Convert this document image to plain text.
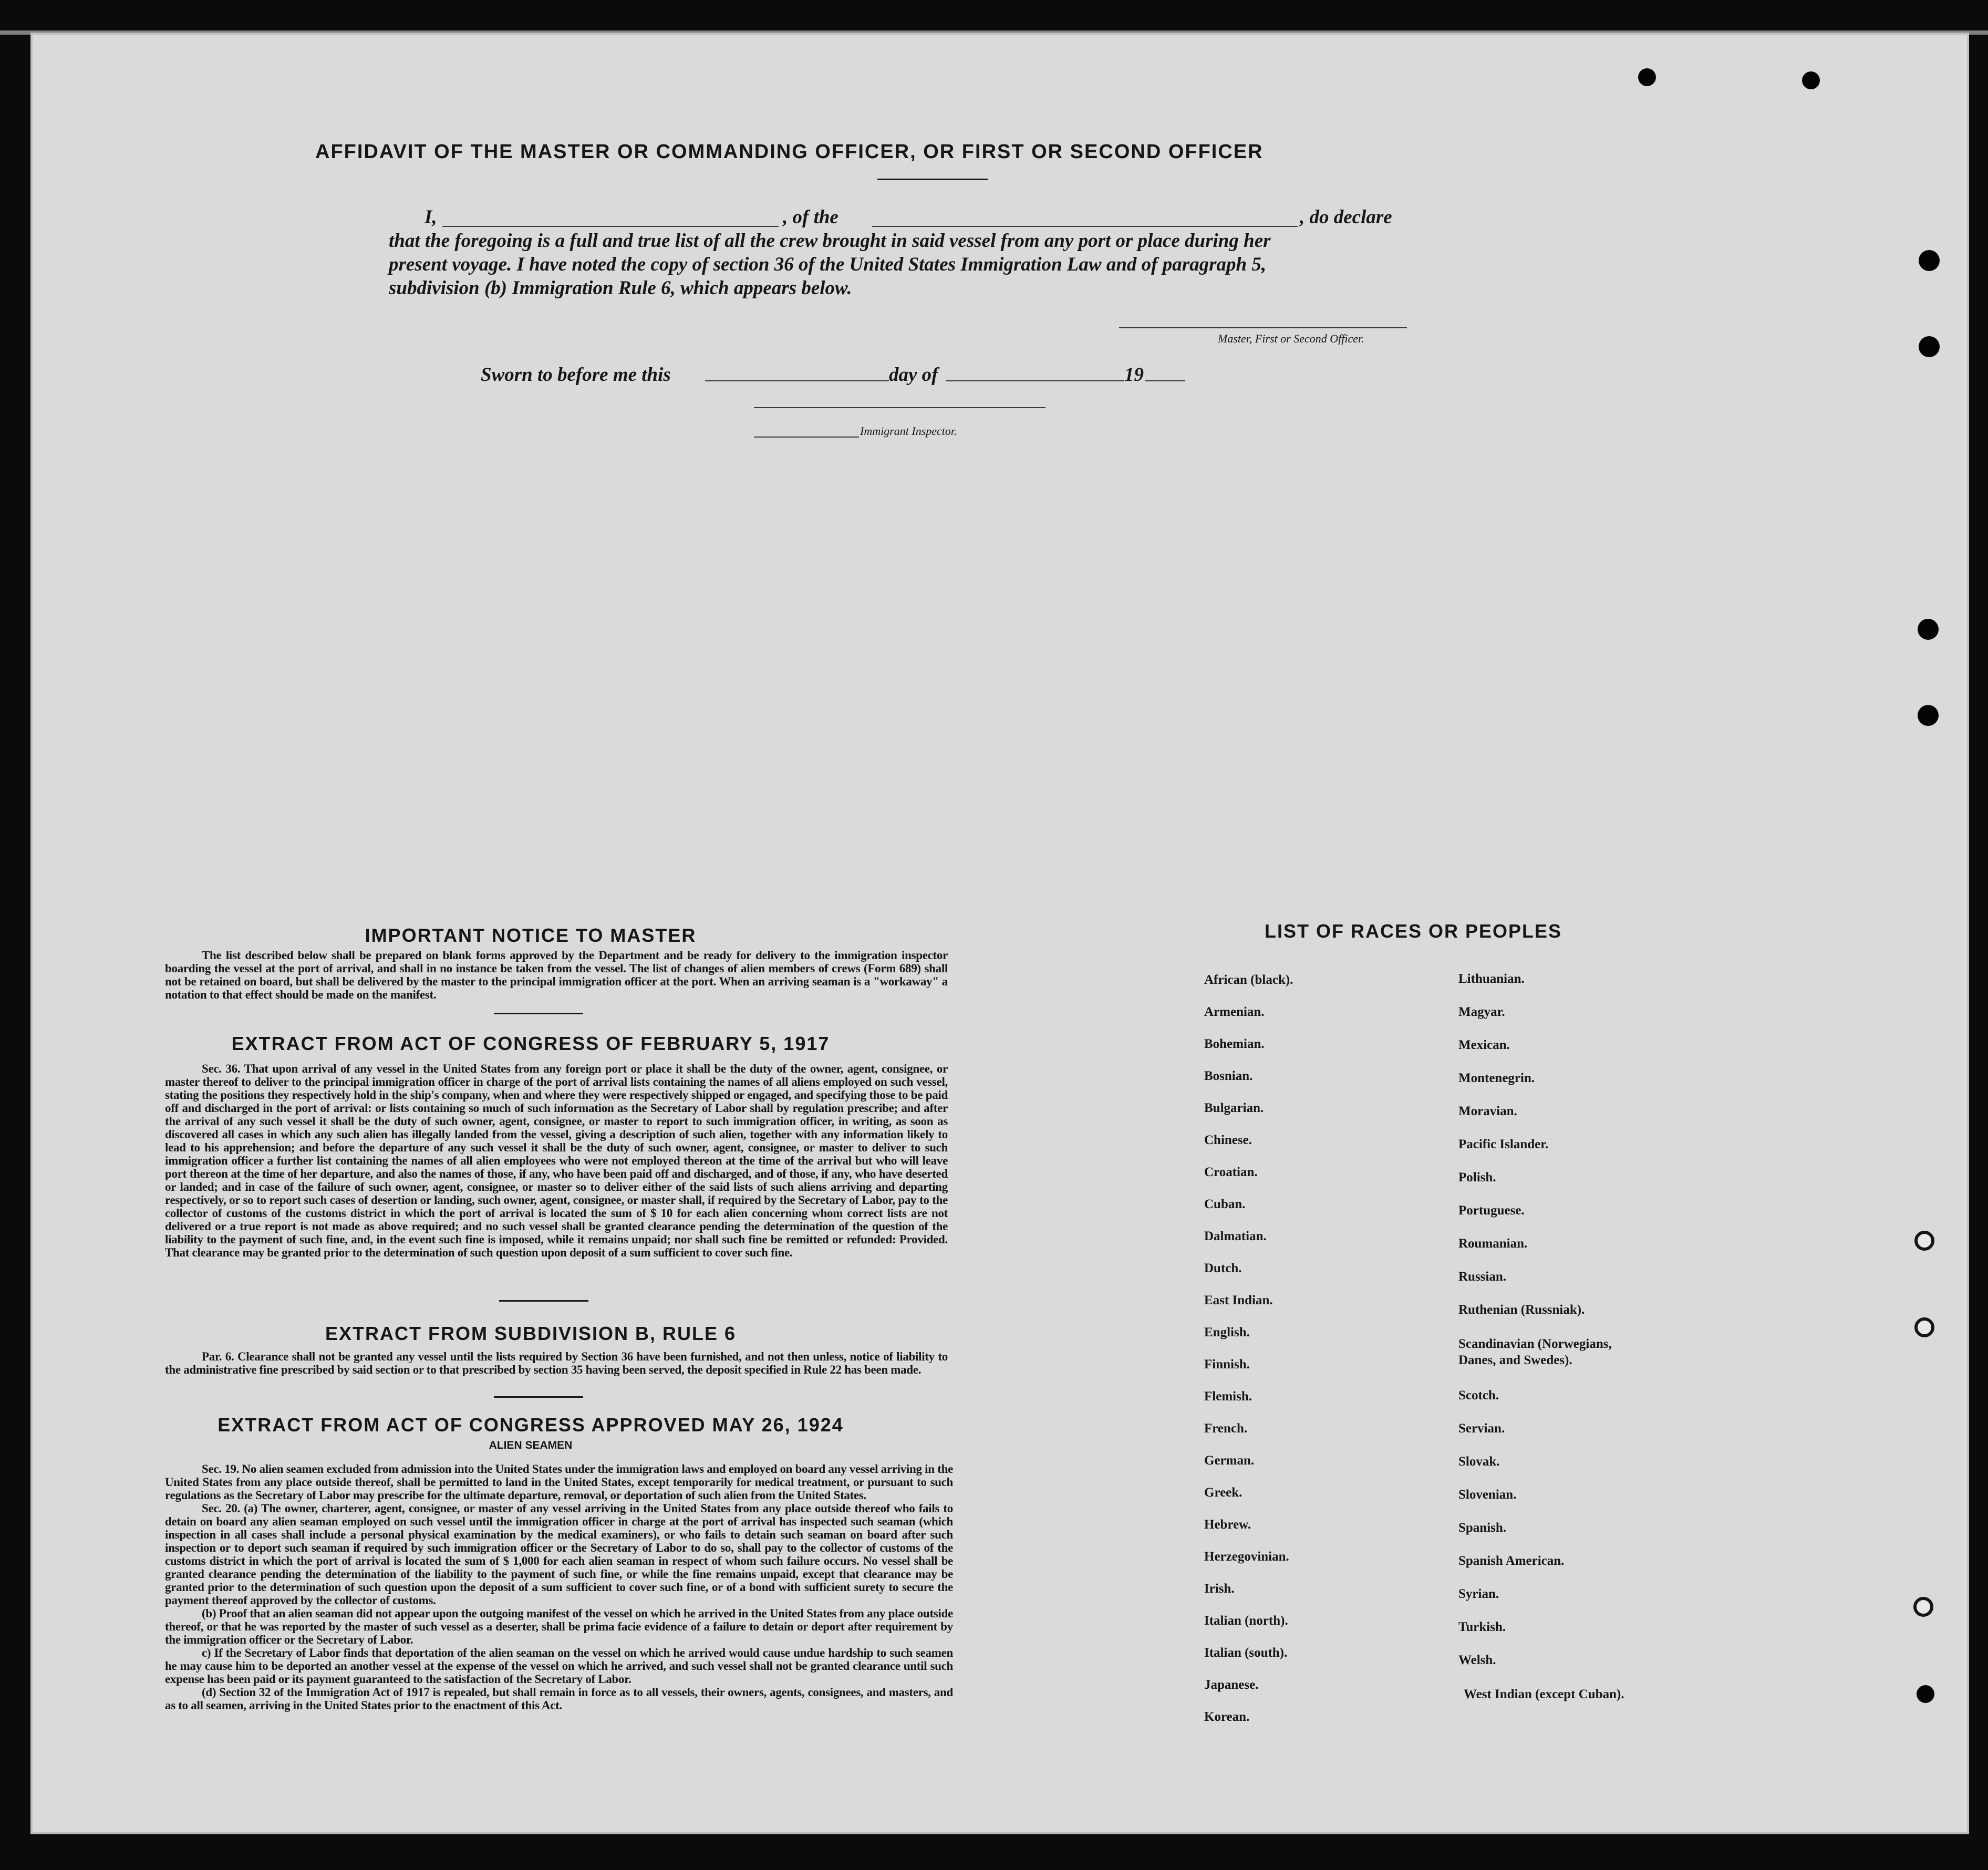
AFFIDAVIT OF THE MASTER OR COMMANDING OFFICER, OR FIRST OR SECOND OFFICER
I,	, of the	, do declare
that the foregoing is a full and true list of all the crew brought in said vessel from any port or place during her
present voyage. I have noted the copy of section 36 of the United States Immigration Law and of paragraph 5,
subdivision (b) Immigration Rule 6, which appears below.
Master, First or Second Officer.
Sworn to before me this	day of	19
Immigrant Inspector.
IMPORTANT NOTICE TO MASTER

The list described below shall be prepared on blank forms approved by the Department and be ready for delivery to the immigration inspector boarding the vessel at the port of arrival, and shall in no instance be taken from the vessel. The list of changes of alien members of crews (Form 689) shall not be retained on board, but shall be delivered by the master to the principal immigration officer at the port. When an arriving seaman is a "workaway" a notation to that effect should be made on the manifest.

EXTRACT FROM ACT OF CONGRESS OF FEBRUARY 5, 1917

Sec. 36. That upon arrival of any vessel in the United States from any foreign port or place it shall be the duty of the owner, agent, consignee, or master thereof to deliver to the principal immigration officer in charge of the port of arrival lists containing the names of all aliens employed on such vessel, stating the positions they respectively hold in the ship's company, when and where they were respectively shipped or engaged, and specifying those to be paid off and discharged in the port of arrival: or lists containing so much of such information as the Secretary of Labor shall by regulation prescribe; and after the arrival of any such vessel it shall be the duty of such owner, agent, consignee, or master to report to such immigration officer, in writing, as soon as discovered all cases in which any such alien has illegally landed from the vessel, giving a description of such alien, together with any information likely to lead to his apprehension; and before the departure of any such vessel it shall be the duty of such owner, agent, consignee, or master to deliver to such immigration officer a further list containing the names of all alien employees who were not employed thereon at the time of the arrival but who will leave port thereon at the time of her departure, and also the names of those, if any, who have been paid off and discharged, and of those, if any, who have deserted or landed; and in case of the failure of such owner, agent, consignee, or master so to deliver either of the said lists of such aliens arriving and departing respectively, or so to report such cases of desertion or landing, such owner, agent, consignee, or master shall, if required by the Secretary of Labor, pay to the collector of customs of the customs district in which the port of arrival is located the sum of $ 10 for each alien concerning whom correct lists are not delivered or a true report is not made as above required; and no such vessel shall be granted clearance pending the determination of the question of the liability to the payment of such fine, and, in the event such fine is imposed, while it remains unpaid; nor shall such fine be remitted or refunded: Provided. That clearance may be granted prior to the determination of such question upon deposit of a sum sufficient to cover such fine.

EXTRACT FROM SUBDIVISION B, RULE 6

Par. 6. Clearance shall not be granted any vessel until the lists required by Section 36 have been furnished, and not then unless, notice of liability to the administrative fine prescribed by said section or to that prescribed by section 35 having been served, the deposit specified in Rule 22 has been made.

EXTRACT FROM ACT OF CONGRESS APPROVED MAY 26, 1924
ALIEN SEAMEN

Sec. 19. No alien seamen excluded from admission into the United States under the immigration laws and employed on board any vessel arriving in the United States from any place outside thereof, shall be permitted to land in the United States, except temporarily for medical treatment, or pursuant to such regulations as the Secretary of Labor may prescribe for the ultimate departure, removal, or deportation of such alien from the United States.

Sec. 20. (a) The owner, charterer, agent, consignee, or master of any vessel arriving in the United States from any place outside thereof who fails to detain on board any alien seaman employed on such vessel until the immigration officer in charge at the port of arrival has inspected such seaman (which inspection in all cases shall include a personal physical examination by the medical examiners), or who fails to detain such seaman on board after such inspection or to deport such seaman if required by such immigration officer or the Secretary of Labor to do so, shall pay to the collector of customs of the customs district in which the port of arrival is located the sum of $ 1,000 for each alien seaman in respect of whom such failure occurs. No vessel shall be granted clearance pending the determination of the liability to the payment of such fine, or while the fine remains unpaid, except that clearance may be granted prior to the determination of such question upon the deposit of a sum sufficient to cover such fine, or of a bond with sufficient surety to secure the payment thereof approved by the collector of customs.

(b) Proof that an alien seaman did not appear upon the outgoing manifest of the vessel on which he arrived in the United States from any place outside thereof, or that he was reported by the master of such vessel as a deserter, shall be prima facie evidence of a failure to detain or deport after requirement by the immigration officer or the Secretary of Labor.

c) If the Secretary of Labor finds that deportation of the alien seaman on the vessel on which he arrived would cause undue hardship to such seamen he may cause him to be deported an another vessel at the expense of the vessel on which he arrived, and such vessel shall not be granted clearance until such expense has been paid or its payment guaranteed to the satisfaction of the Secretary of Labor.

(d) Section 32 of the Immigration Act of 1917 is repealed, but shall remain in force as to all vessels, their owners, agents, consignees, and masters, and as to all seamen, arriving in the United States prior to the enactment of this Act.

LIST OF RACES OR PEOPLES
African (black).
Armenian.
Bohemian.
Bosnian.
Bulgarian.
Chinese.
Croatian.
Cuban.
Dalmatian.
Dutch.
East Indian.
English.
Finnish.
Flemish.
French.
German.
Greek.
Hebrew.
Herzegovinian.
Irish.
Italian (north).
Italian (south).
Japanese.
Korean.
Lithuanian.
Magyar.
Mexican.
Montenegrin.
Moravian.
Pacific Islander.
Polish.
Portuguese.
Roumanian.
Russian.
Ruthenian (Russniak).
Scandinavian (Norwegians, Danes, and Swedes).
Scotch.
Servian.
Slovak.
Slovenian.
Spanish.
Spanish American.
Syrian.
Turkish.
Welsh.
West Indian (except Cuban).
